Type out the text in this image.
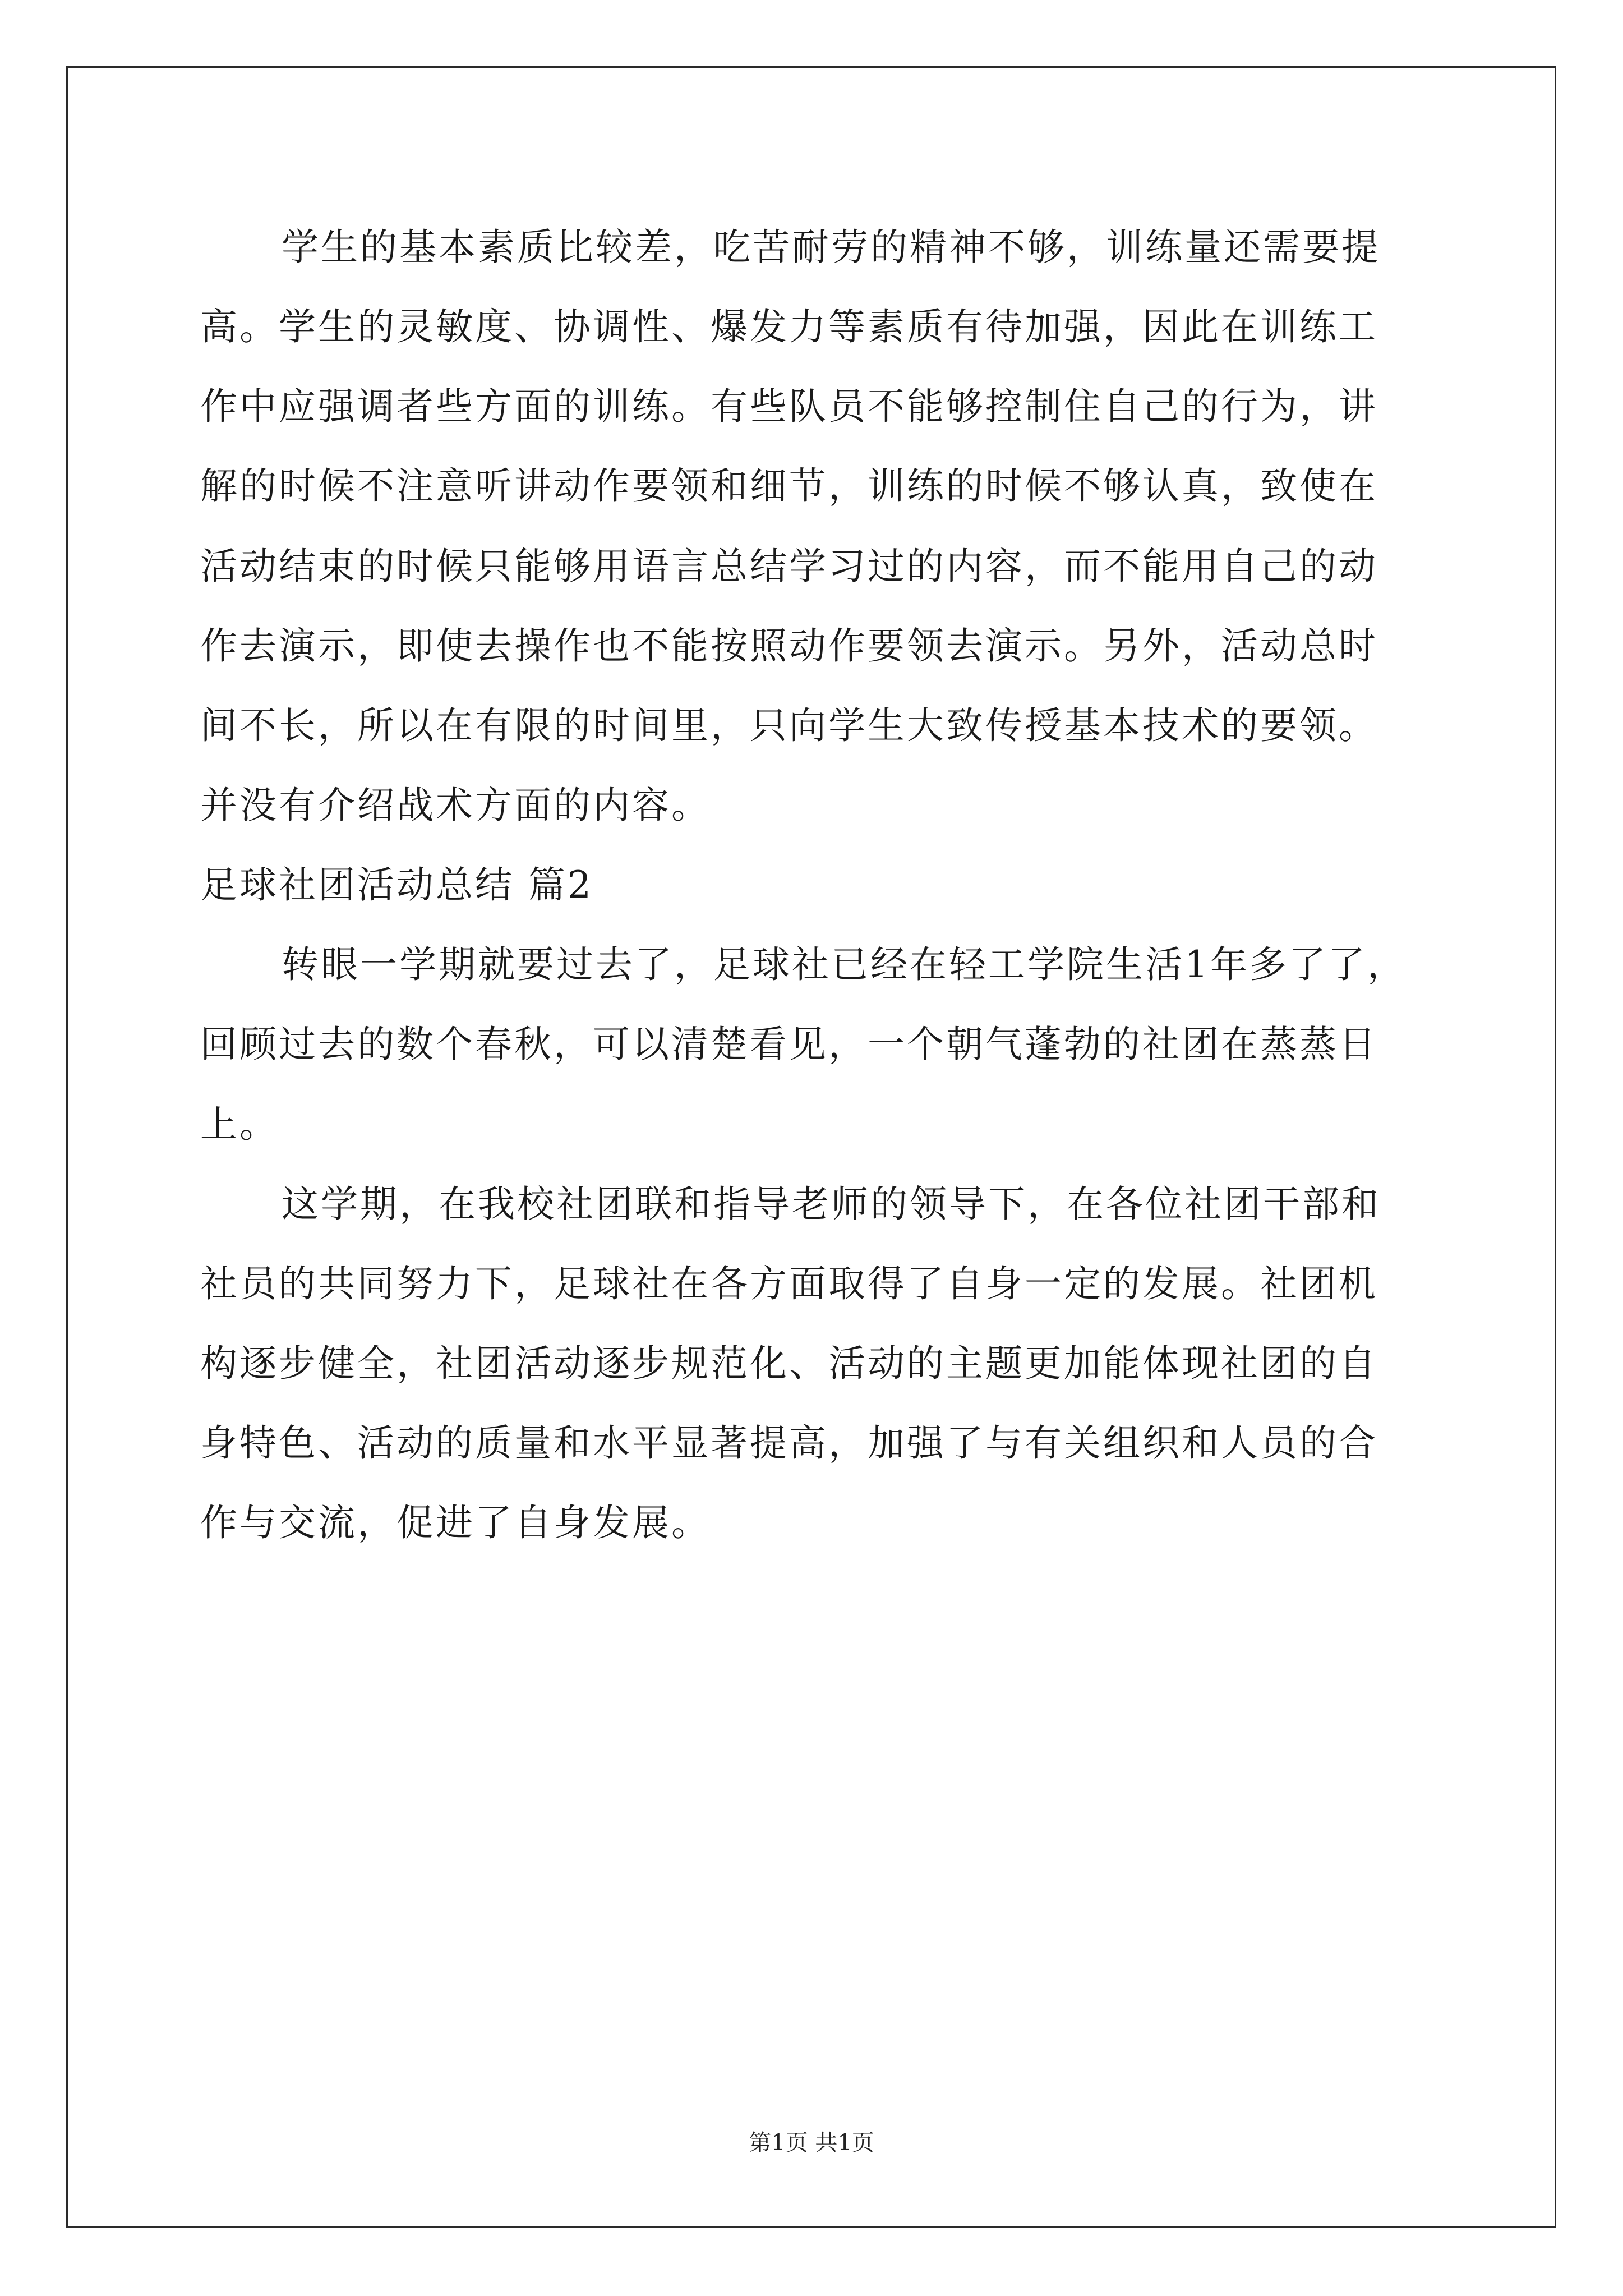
学生的基本素质比较差，吃苦耐劳的精神不够，训练量还需要提
高。学生的灵敏度、协调性、爆发力等素质有待加强，因此在训练工
作中应强调者些方面的训练。有些队员不能够控制住自己的行为，讲
解的时候不注意听讲动作要领和细节，训练的时候不够认真，致使在
活动结束的时候只能够用语言总结学习过的内容，而不能用自己的动
作去演示，即使去操作也不能按照动作要领去演示。另外，活动总时
间不长，所以在有限的时间里，只向学生大致传授基本技术的要领。
并没有介绍战术方面的内容。
足球社团活动总结 篇2
转眼一学期就要过去了，足球社已经在轻工学院生活1年多了了，
回顾过去的数个春秋，可以清楚看见，一个朝气蓬勃的社团在蒸蒸日
上。
这学期，在我校社团联和指导老师的领导下，在各位社团干部和
社员的共同努力下，足球社在各方面取得了自身一定的发展。社团机
构逐步健全，社团活动逐步规范化、活动的主题更加能体现社团的自
身特色、活动的质量和水平显著提高，加强了与有关组织和人员的合
作与交流，促进了自身发展。
第1页 共1页
